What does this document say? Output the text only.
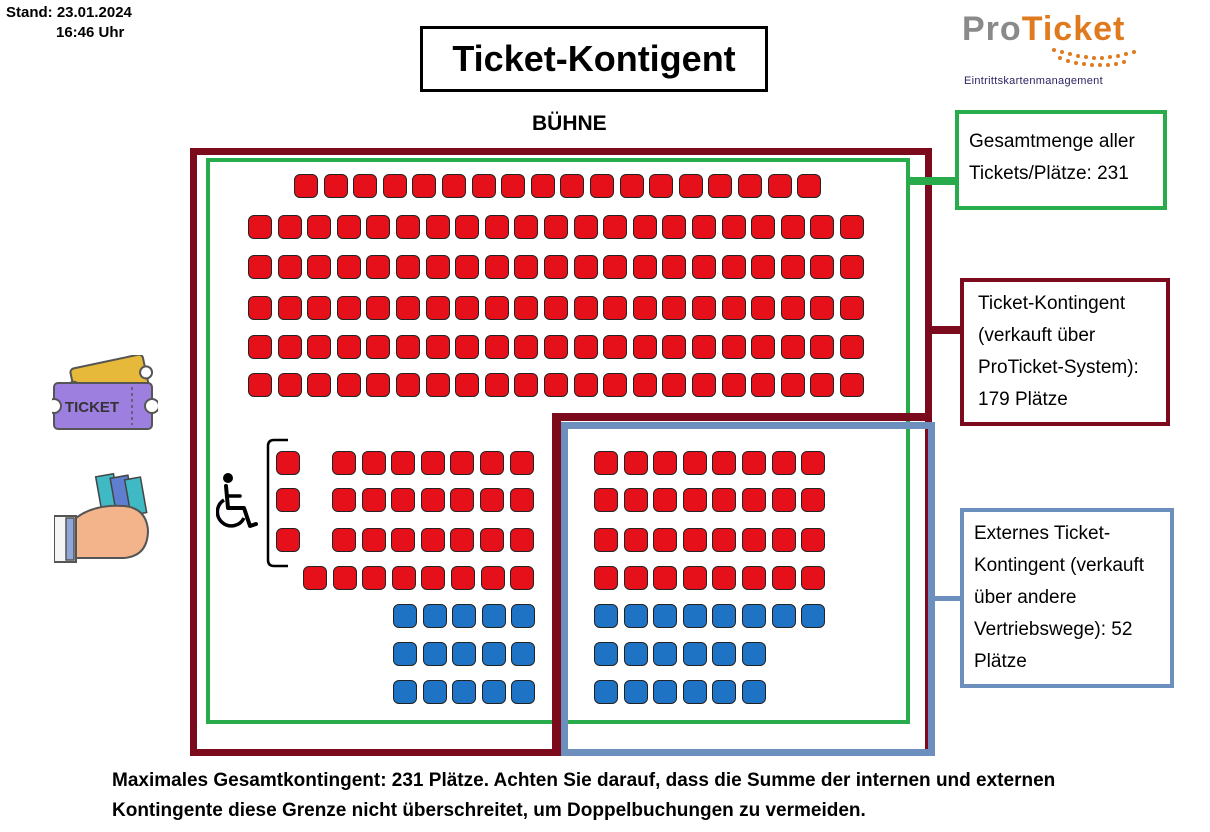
Stand: 23.01.2024
16:46 Uhr
Ticket-Kontigent
ProTicket
Eintrittskartenmanagement
BÜHNE
TICKET
Gesamtmenge aller Tickets/Plätze: 231
Ticket-Kontingent (verkauft über ProTicket-System): 179 Plätze
Externes Ticket-Kontingent (verkauft über andere Vertriebswege): 52 Plätze
Maximales Gesamtkontingent: 231 Plätze. Achten Sie darauf, dass die Summe der internen und externen Kontingente diese Grenze nicht überschreitet, um Doppelbuchungen zu vermeiden.
